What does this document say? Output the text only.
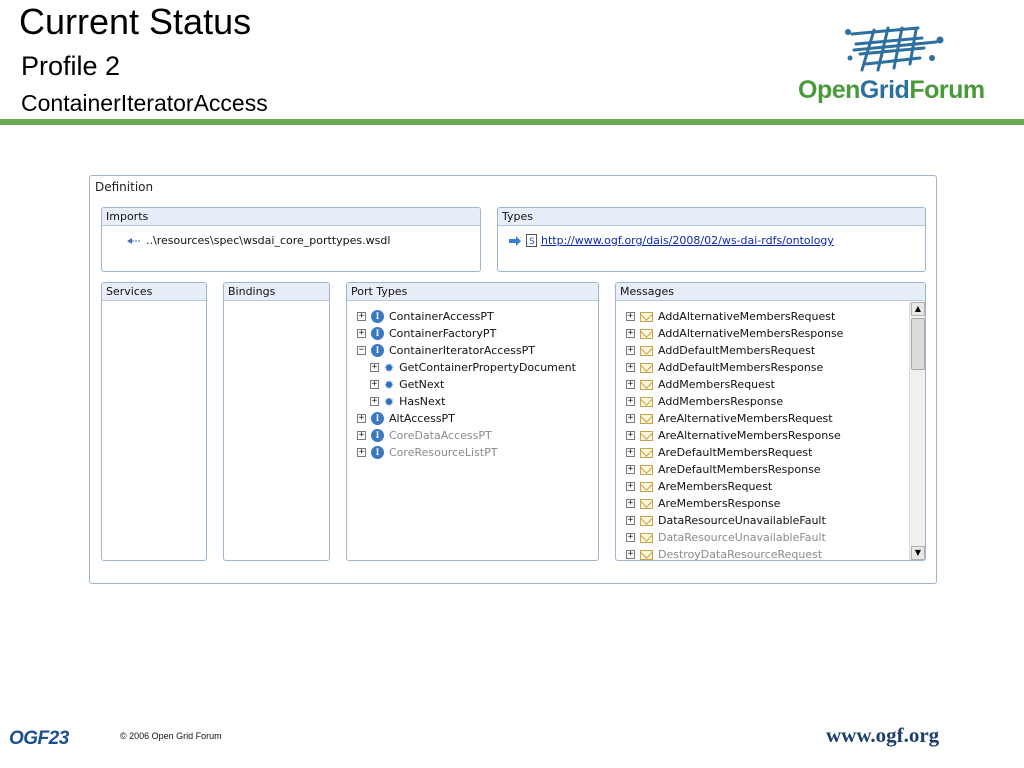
Current Status
Profile 2
ContainerIteratorAccess	OpenGridForum
Definition
Imports
..\resources\spec\wsdai_core_porttypes.wsdl
Types
S http://www.ogf.org/dais/2008/02/ws-dai-rdfs/ontology
Services	Bindings	Port Types
+	I ContainerAccessPT
+	I ContainerFactoryPT
−	I ContainerIteratorAccessPT
+ ✹ GetContainerPropertyDocument
+ ✹ GetNext
+ ✹ HasNext
+	I AltAccessPT
+	I CoreDataAccessPT
+	I CoreResourceListPT
Messages
+ AddAlternativeMembersRequest
+ AddAlternativeMembersResponse
+ AddDefaultMembersRequest
+ AddDefaultMembersResponse
+ AddMembersRequest
+ AddMembersResponse
+ AreAlternativeMembersRequest
+ AreAlternativeMembersResponse
+ AreDefaultMembersRequest
+ AreDefaultMembersResponse
+ AreMembersRequest
+ AreMembersResponse
+ DataResourceUnavailableFault
+ DataResourceUnavailableFault
+ DestroyDataResourceRequest
▲
▼
OGF23	© 2006 Open Grid Forum	www.ogf.org
